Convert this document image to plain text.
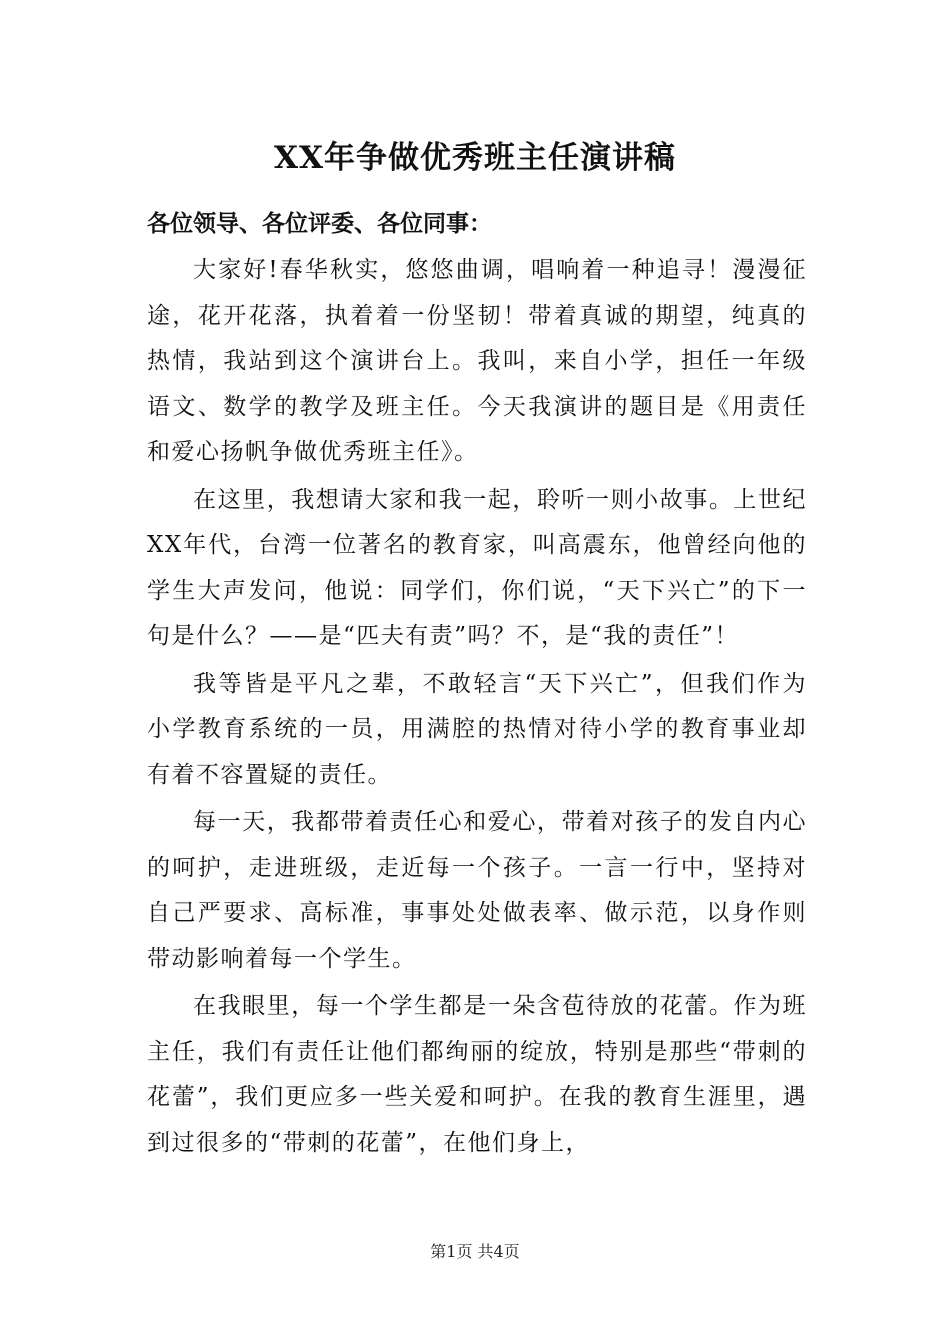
XX年争做优秀班主任演讲稿

各位领导、各位评委、各位同事：

大家好!春华秋实，悠悠曲调，唱响着一种追寻！漫漫征途，花开花落，执着着一份坚韧！带着真诚的期望，纯真的热情，我站到这个演讲台上。我叫，来自小学，担任一年级语文、数学的教学及班主任。今天我演讲的题目是《用责任和爱心扬帆争做优秀班主任》。

在这里，我想请大家和我一起，聆听一则小故事。上世纪XX年代，台湾一位著名的教育家，叫高震东，他曾经向他的学生大声发问，他说：同学们，你们说，“天下兴亡”的下一句是什么？——是“匹夫有责”吗？不，是“我的责任”！

我等皆是平凡之辈，不敢轻言“天下兴亡”，但我们作为小学教育系统的一员，用满腔的热情对待小学的教育事业却有着不容置疑的责任。

每一天，我都带着责任心和爱心，带着对孩子的发自内心的呵护，走进班级，走近每一个孩子。一言一行中，坚持对自己严要求、高标准，事事处处做表率、做示范，以身作则带动影响着每一个学生。

在我眼里，每一个学生都是一朵含苞待放的花蕾。作为班主任，我们有责任让他们都绚丽的绽放，特别是那些“带刺的花蕾”，我们更应多一些关爱和呵护。在我的教育生涯里，遇到过很多的“带刺的花蕾”，在他们身上，

第1页 共4页
